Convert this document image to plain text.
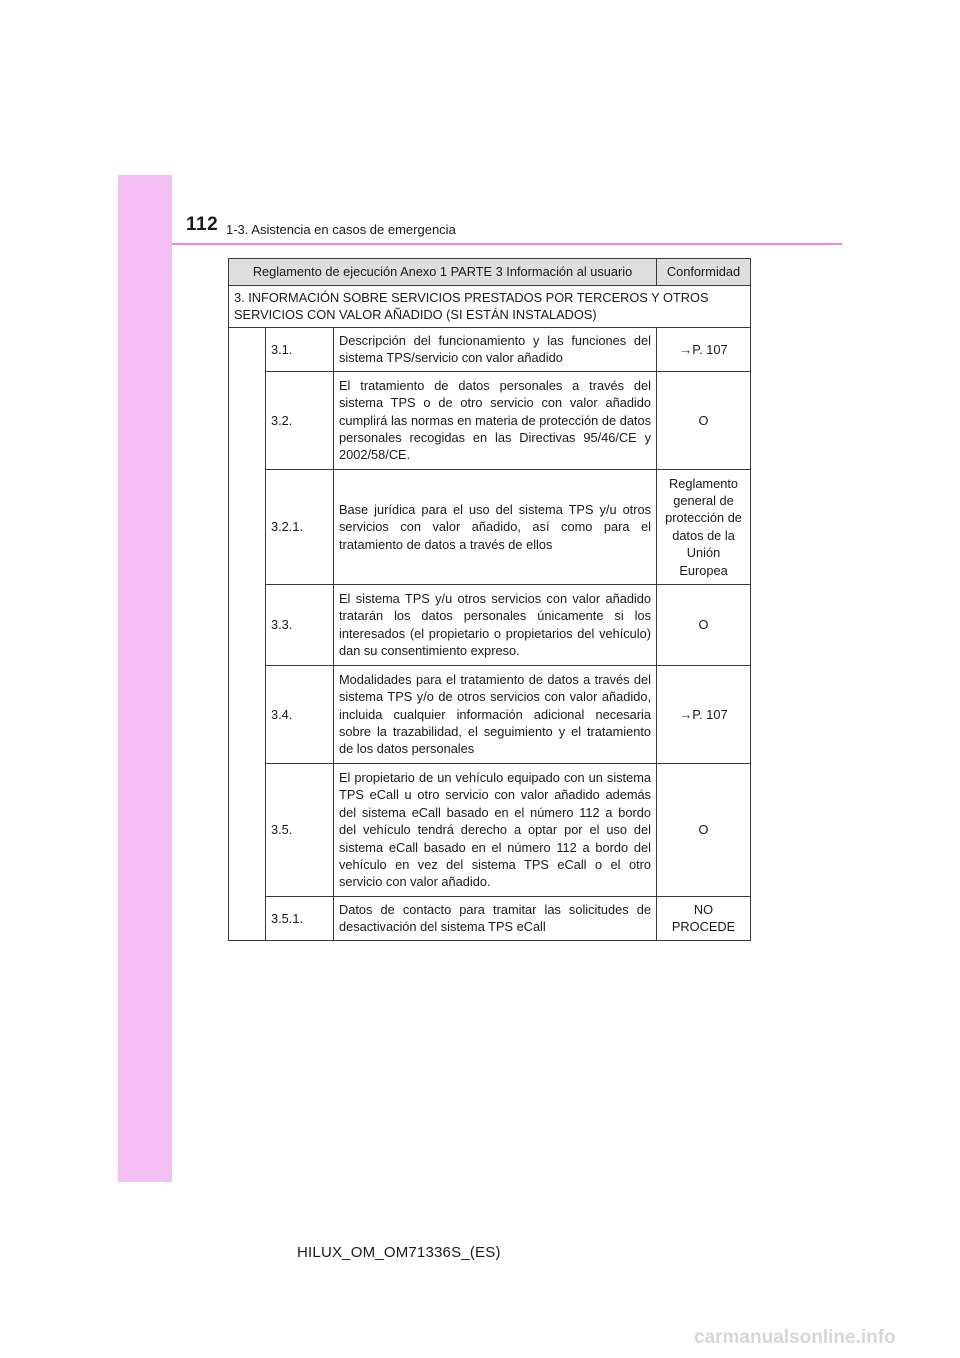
112 1-3. Asistencia en casos de emergencia
Reglamento de ejecución Anexo 1 PARTE 3 Información al usuario			Conformidad
3. INFORMACIÓN SOBRE SERVICIOS PRESTADOS POR TERCEROS Y OTROS SERVICIOS CON VALOR AÑADIDO (SI ESTÁN INSTALADOS)			
	3.1.	Descripción del funcionamiento y las funciones del sistema TPS/servicio con valor añadido	→P. 107
	3.2.	El tratamiento de datos personales a través del sistema TPS o de otro servicio con valor añadido cumplirá las normas en materia de protección de datos personales recogidas en las Directivas 95/46/CE y 2002/58/CE.	O
	3.2.1.	Base jurídica para el uso del sistema TPS y/u otros servicios con valor añadido, así como para el tratamiento de datos a través de ellos	Reglamento general de protección de datos de la Unión Europea
	3.3.	El sistema TPS y/u otros servicios con valor añadido tratarán los datos personales únicamente si los interesados (el propietario o propietarios del vehículo) dan su consentimiento expreso.	O
	3.4.	Modalidades para el tratamiento de datos a través del sistema TPS y/o de otros servicios con valor añadido, incluida cualquier información adicional necesaria sobre la trazabilidad, el seguimiento y el tratamiento de los datos personales	→P. 107
	3.5.	El propietario de un vehículo equipado con un sistema TPS eCall u otro servicio con valor añadido además del sistema eCall basado en el número 112 a bordo del vehículo tendrá derecho a optar por el uso del sistema eCall basado en el número 112 a bordo del vehículo en vez del sistema TPS eCall o el otro servicio con valor añadido.	O
	3.5.1.	Datos de contacto para tramitar las solicitudes de desactivación del sistema TPS eCall	NO PROCEDE
HILUX_OM_OM71336S_(ES)
carmanualsonline.info
